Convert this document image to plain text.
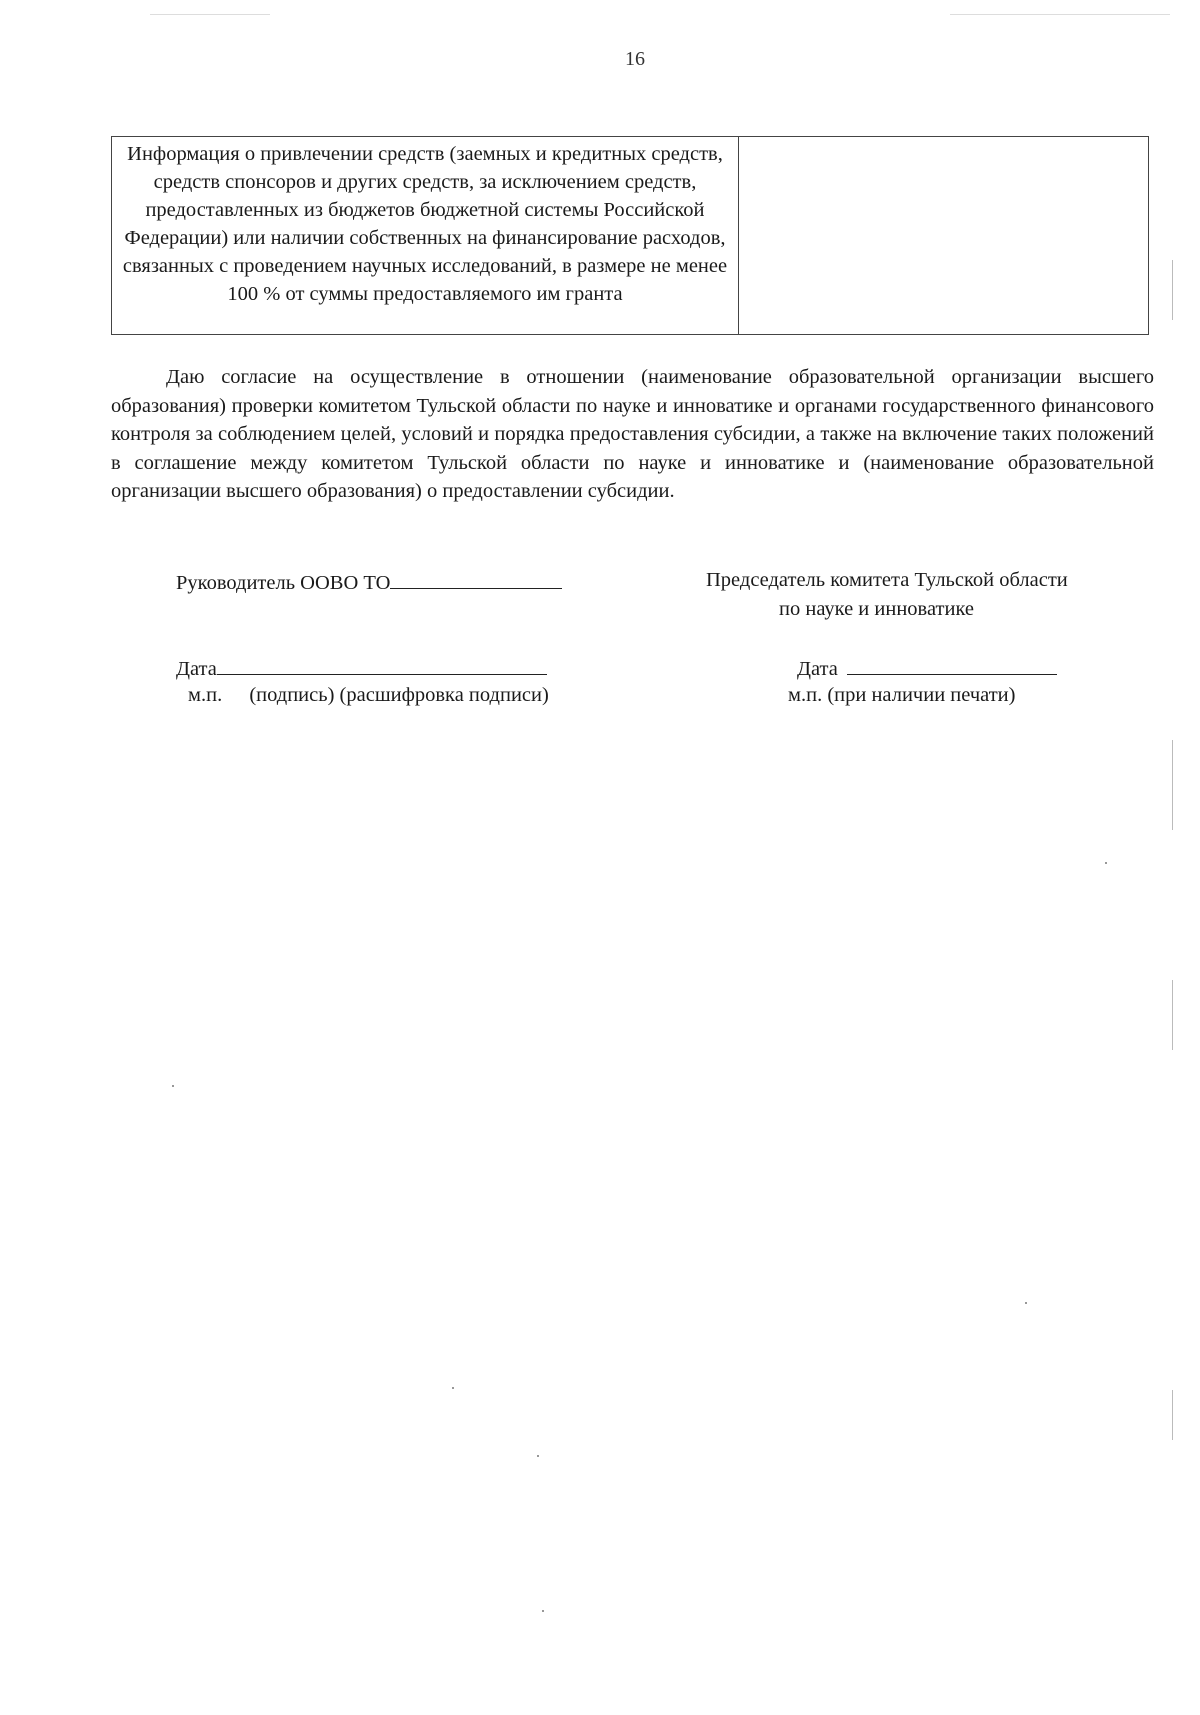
16
Информация о привлечении средств (заемных и кредитных средств, средств спонсоров и других средств, за исключением средств, предоставленных из бюджетов бюджетной системы Российской Федерации) или наличии собственных на финансирование расходов, связанных с проведением научных исследований, в размере не менее 100 % от суммы предоставляемого им гранта	

Даю согласие на осуществление в отношении (наименование образовательной организации высшего образования) проверки комитетом Тульской области по науке и инноватике и органами государственного финансового контроля за соблюдением целей, условий и порядка предоставления субсидии, а также на включение таких положений в соглашение между комитетом Тульской области по науке и инноватике и (наименование образовательной организации высшего образования) о предоставлении субсидии.

Руководитель ООВО ТО
Дата
м.п. (подпись) (расшифровка подписи)
Председатель комитета Тульской области
по науке и инноватике
Дата
м.п. (при наличии печати)
